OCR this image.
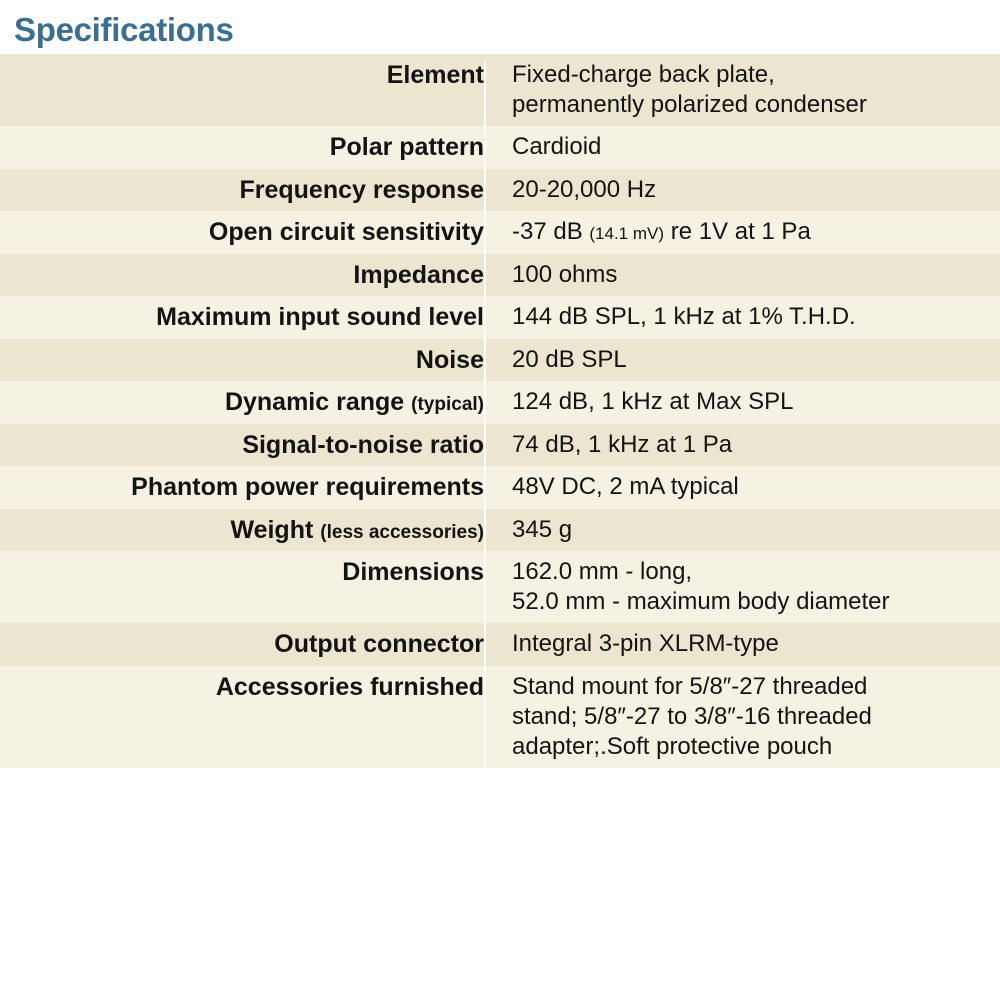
Specifications
Element	Fixed-charge back plate,
permanently polarized condenser

Polar pattern	Cardioid

Frequency response	20-20,000 Hz

Open circuit sensitivity	-37 dB (14.1 mV) re 1V at 1 Pa

Impedance	100 ohms

Maximum input sound level	144 dB SPL, 1 kHz at 1% T.H.D.

Noise	20 dB SPL

Dynamic range (typical)	124 dB, 1 kHz at Max SPL

Signal-to-noise ratio	74 dB, 1 kHz at 1 Pa

Phantom power requirements	48V DC, 2 mA typical

Weight (less accessories)	345 g

Dimensions	162.0 mm - long,
52.0 mm - maximum body diameter

Output connector	Integral 3-pin XLRM-type

Accessories furnished	Stand mount for 5/8″-27 threaded
stand; 5/8″-27 to 3/8″-16 threaded
adapter;.Soft protective pouch
